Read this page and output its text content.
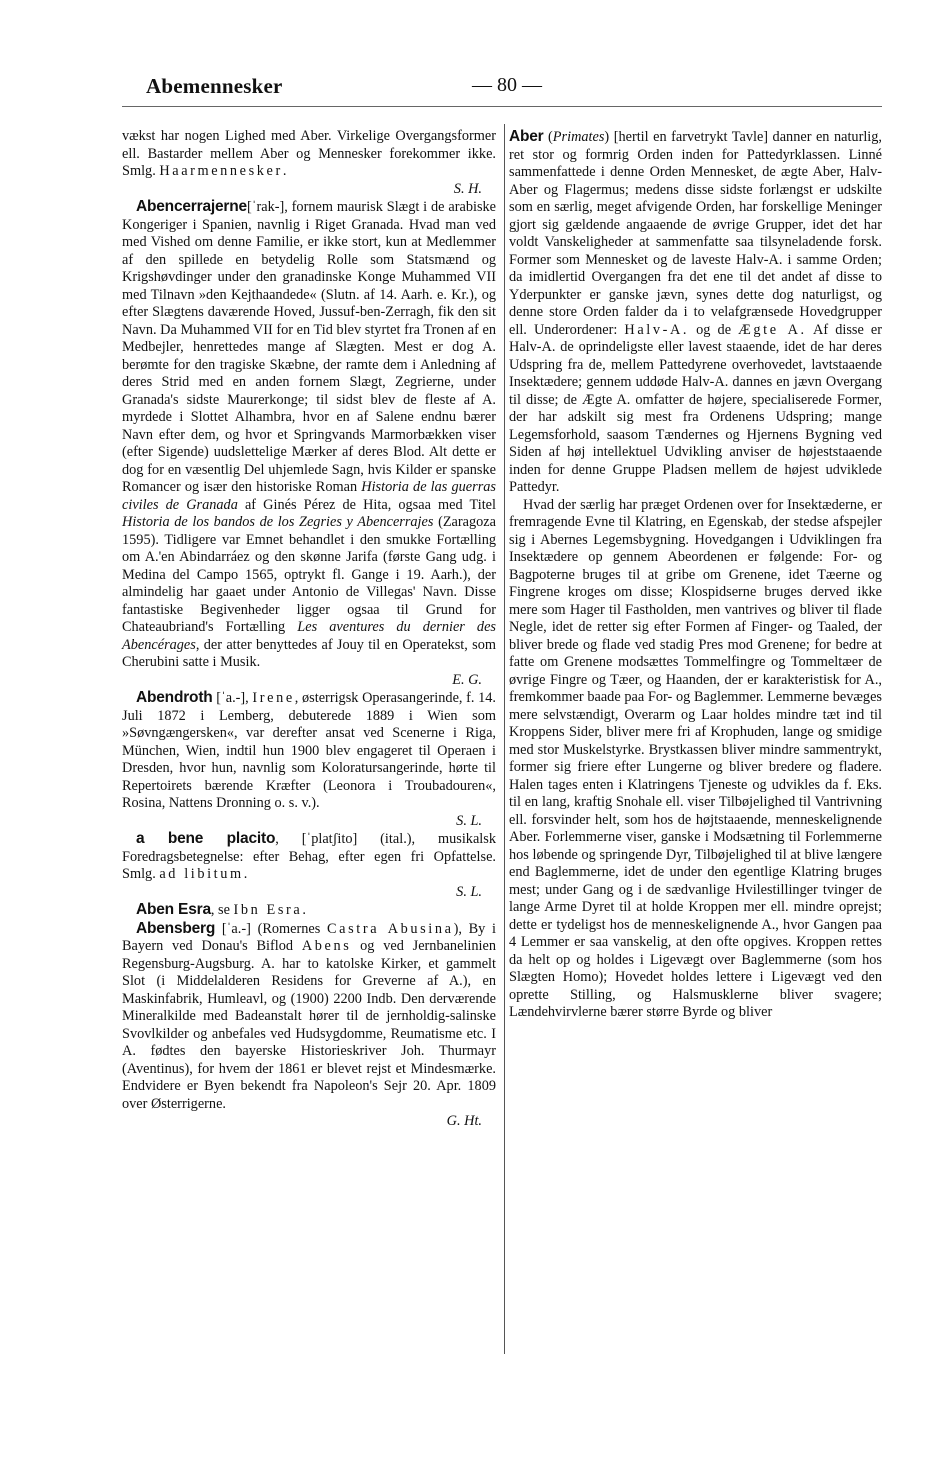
Abemennesker	— 80 —

vækst har nogen Lighed med Aber. Virkelige Overgangsformer ell. Bastarder mellem Aber og Mennesker forekommer ikke. Smlg. Haarmennesker.
S. H.

Abencerrajerne[ˈrak-], fornem maurisk Slægt i de arabiske Kongeriger i Spanien, navnlig i Riget Granada. Hvad man ved med Vished om denne Familie, er ikke stort, kun at Medlemmer af den spillede en betydelig Rolle som Statsmænd og Krigshøvdinger under den granadinske Konge Muhammed VII med Tilnavn »den Kejthaandede« (Slutn. af 14. Aarh. e. Kr.), og efter Slægtens daværende Hoved, Jussuf-ben-Zerragh, fik den sit Navn. Da Muhammed VII for en Tid blev styrtet fra Tronen af en Medbejler, henrettedes mange af Slægten. Mest er dog A. berømte for den tragiske Skæbne, der ramte dem i Anledning af deres Strid med en anden fornem Slægt, Zegrierne, under Granada's sidste Maurerkonge; til sidst blev de fleste af A. myrdede i Slottet Alhambra, hvor en af Salene endnu bærer Navn efter dem, og hvor et Springvands Marmorbækken viser (efter Sigende) uudslettelige Mærker af deres Blod. Alt dette er dog for en væsentlig Del uhjemlede Sagn, hvis Kilder er spanske Romancer og især den historiske Roman Historia de las guerras civiles de Granada af Ginés Pérez de Hita, ogsaa med Titel Historia de los bandos de los Zegries y Abencerrajes (Zaragoza 1595). Tidligere var Emnet behandlet i den smukke Fortælling om A.'en Abindarráez og den skønne Jarifa (første Gang udg. i Medina del Campo 1565, optrykt fl. Gange i 19. Aarh.), der almindelig har gaaet under Antonio de Villegas' Navn. Disse fantastiske Begivenheder ligger ogsaa til Grund for Chateaubriand's Fortælling Les aventures du dernier des Abencérages, der atter benyttedes af Jouy til en Operatekst, som Cherubini satte i Musik.
E. G.

Abendroth [ˈa.-], Irene, østerrigsk Operasangerinde, f. 14. Juli 1872 i Lemberg, debuterede 1889 i Wien som »Søvngængersken«, var derefter ansat ved Scenerne i Riga, München, Wien, indtil hun 1900 blev engageret til Operaen i Dresden, hvor hun, navnlig som Koloratursangerinde, hørte til Repertoirets bærende Kræfter (Leonora i Troubadouren«, Rosina, Nattens Dronning o. s. v.).
S. L.

a bene placito, [ˈplatʃito] (ital.), musikalsk Foredragsbetegnelse: efter Behag, efter egen fri Opfattelse. Smlg. ad libitum.
S. L.

Aben Esra, se Ibn Esra.

Abensberg [ˈa.-] (Romernes Castra Abusina), By i Bayern ved Donau's Biflod Abens og ved Jernbanelinien Regensburg-Augsburg. A. har to katolske Kirker, et gammelt Slot (i Middelalderen Residens for Greverne af A.), en Maskinfabrik, Humleavl, og (1900) 2200 Indb. Den derværende Mineralkilde med Badeanstalt hører til de jernholdig-salinske Svovlkilder og anbefales ved Hudsygdomme, Reumatisme etc. I A. fødtes den bayerske Historieskriver Joh. Thurmayr (Aventinus), for hvem der 1861 er blevet rejst et Mindesmærke. Endvidere er Byen bekendt fra Napoleon's Sejr 20. Apr. 1809 over Østerrigerne.
G. Ht.

Aber (Primates) [hertil en farvetrykt Tavle] danner en naturlig, ret stor og formrig Orden inden for Pattedyrklassen. Linné sammenfattede i denne Orden Mennesket, de ægte Aber, Halv-Aber og Flagermus; medens disse sidste forlængst er udskilte som en særlig, meget afvigende Orden, har forskellige Meninger gjort sig gældende angaaende de øvrige Grupper, idet det har voldt Vanskeligheder at sammenfatte saa tilsyneladende forsk. Former som Mennesket og de laveste Halv-A. i samme Orden; da imidlertid Overgangen fra det ene til det andet af disse to Yderpunkter er ganske jævn, synes dette dog naturligst, og denne store Orden falder da i to velafgrænsede Hovedgrupper ell. Underordener: Halv-A. og de Ægte A. Af disse er Halv-A. de oprindeligste eller lavest staaende, idet de har deres Udspring fra de, mellem Pattedyrene overhovedet, lavtstaaende Insektædere; gennem uddøde Halv-A. dannes en jævn Overgang til disse; de Ægte A. omfatter de højere, specialiserede Former, der har adskilt sig mest fra Ordenens Udspring; mange Legemsforhold, saasom Tændernes og Hjernens Bygning ved Siden af høj intellektuel Udvikling anviser de højeststaaende inden for denne Gruppe Pladsen mellem de højest udviklede Pattedyr.

Hvad der særlig har præget Ordenen over for Insektæderne, er fremragende Evne til Klatring, en Egenskab, der stedse afspejler sig i Abernes Legemsbygning. Hovedgangen i Udviklingen fra Insektædere op gennem Abeordenen er følgende: For- og Bagpoterne bruges til at gribe om Grenene, idet Tæerne og Fingrene kroges om disse; Klospidserne bruges derved ikke mere som Hager til Fastholden, men vantrives og bliver til flade Negle, idet de retter sig efter Formen af Finger- og Taaled, der bliver brede og flade ved stadig Pres mod Grenene; for bedre at fatte om Grenene modsættes Tommelfingre og Tommeltæer de øvrige Fingre og Tæer, og Haanden, der er karakteristisk for A., fremkommer baade paa For- og Baglemmer. Lemmerne bevæges mere selvstændigt, Overarm og Laar holdes mindre tæt ind til Kroppens Sider, bliver mere fri af Krophuden, lange og smidige med stor Muskelstyrke. Brystkassen bliver mindre sammentrykt, former sig friere efter Lungerne og bliver bredere og fladere. Halen tages enten i Klatringens Tjeneste og udvikles da f. Eks. til en lang, kraftig Snohale ell. viser Tilbøjelighed til Vantrivning ell. forsvinder helt, som hos de højtstaaende, menneskelignende Aber. Forlemmerne viser, ganske i Modsætning til Forlemmerne hos løbende og springende Dyr, Tilbøjelighed til at blive længere end Baglemmerne, idet de under den egentlige Klatring bruges mest; under Gang og i de sædvanlige Hvilestillinger tvinger de lange Arme Dyret til at holde Kroppen mer ell. mindre oprejst; dette er tydeligst hos de menneskelignende A., hvor Gangen paa 4 Lemmer er saa vanskelig, at den ofte opgives. Kroppen rettes da helt op og holdes i Ligevægt over Baglemmerne (som hos Slægten Homo); Hovedet holdes lettere i Ligevægt ved den oprette Stilling, og Halsmusklerne bliver svagere; Lændehvirvlerne bærer større Byrde og bliver
